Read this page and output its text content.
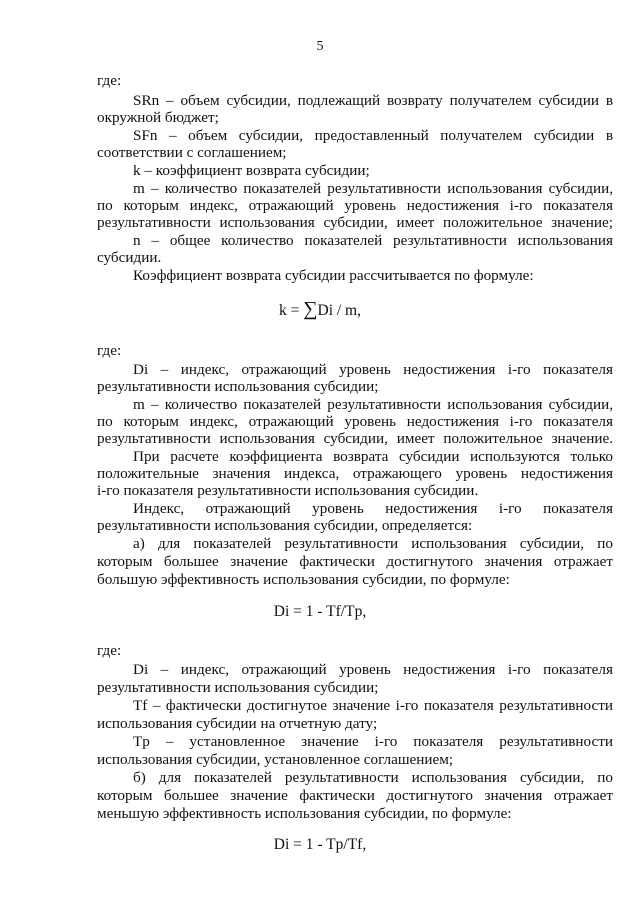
5
где:
SRn – объем субсидии, подлежащий возврату получателем субсидии в
окружной бюджет;
SFn – объем субсидии, предоставленный получателем субсидии в
соответствии с соглашением;
k – коэффициент возврата субсидии;
m – количество показателей результативности использования субсидии,
по которым индекс, отражающий уровень недостижения i-го показателя
результативности использования субсидии, имеет положительное значение;
n – общее количество показателей результативности использования
субсидии.
Коэффициент возврата субсидии рассчитывается по формуле:
k = ∑Di / m,
где:
Di – индекс, отражающий уровень недостижения i-го показателя
результативности использования субсидии;
m – количество показателей результативности использования субсидии,
по которым индекс, отражающий уровень недостижения i-го показателя
результативности использования субсидии, имеет положительное значение.
При расчете коэффициента возврата субсидии используются только
положительные значения индекса, отражающего уровень недостижения
i-го показателя результативности использования субсидии.
Индекс, отражающий уровень недостижения i-го показателя
результативности использования субсидии, определяется:
а) для показателей результативности использования субсидии, по
которым большее значение фактически достигнутого значения отражает
большую эффективность использования субсидии, по формуле:
Di = 1 - Tf/Tp,
где:
Di – индекс, отражающий уровень недостижения i-го показателя
результативности использования субсидии;
Tf – фактически достигнутое значение i-го показателя результативности
использования субсидии на отчетную дату;
Tp – установленное значение i-го показателя результативности
использования субсидии, установленное соглашением;
б) для показателей результативности использования субсидии, по
которым большее значение фактически достигнутого значения отражает
меньшую эффективность использования субсидии, по формуле:
Di = 1 - Tp/Tf,
